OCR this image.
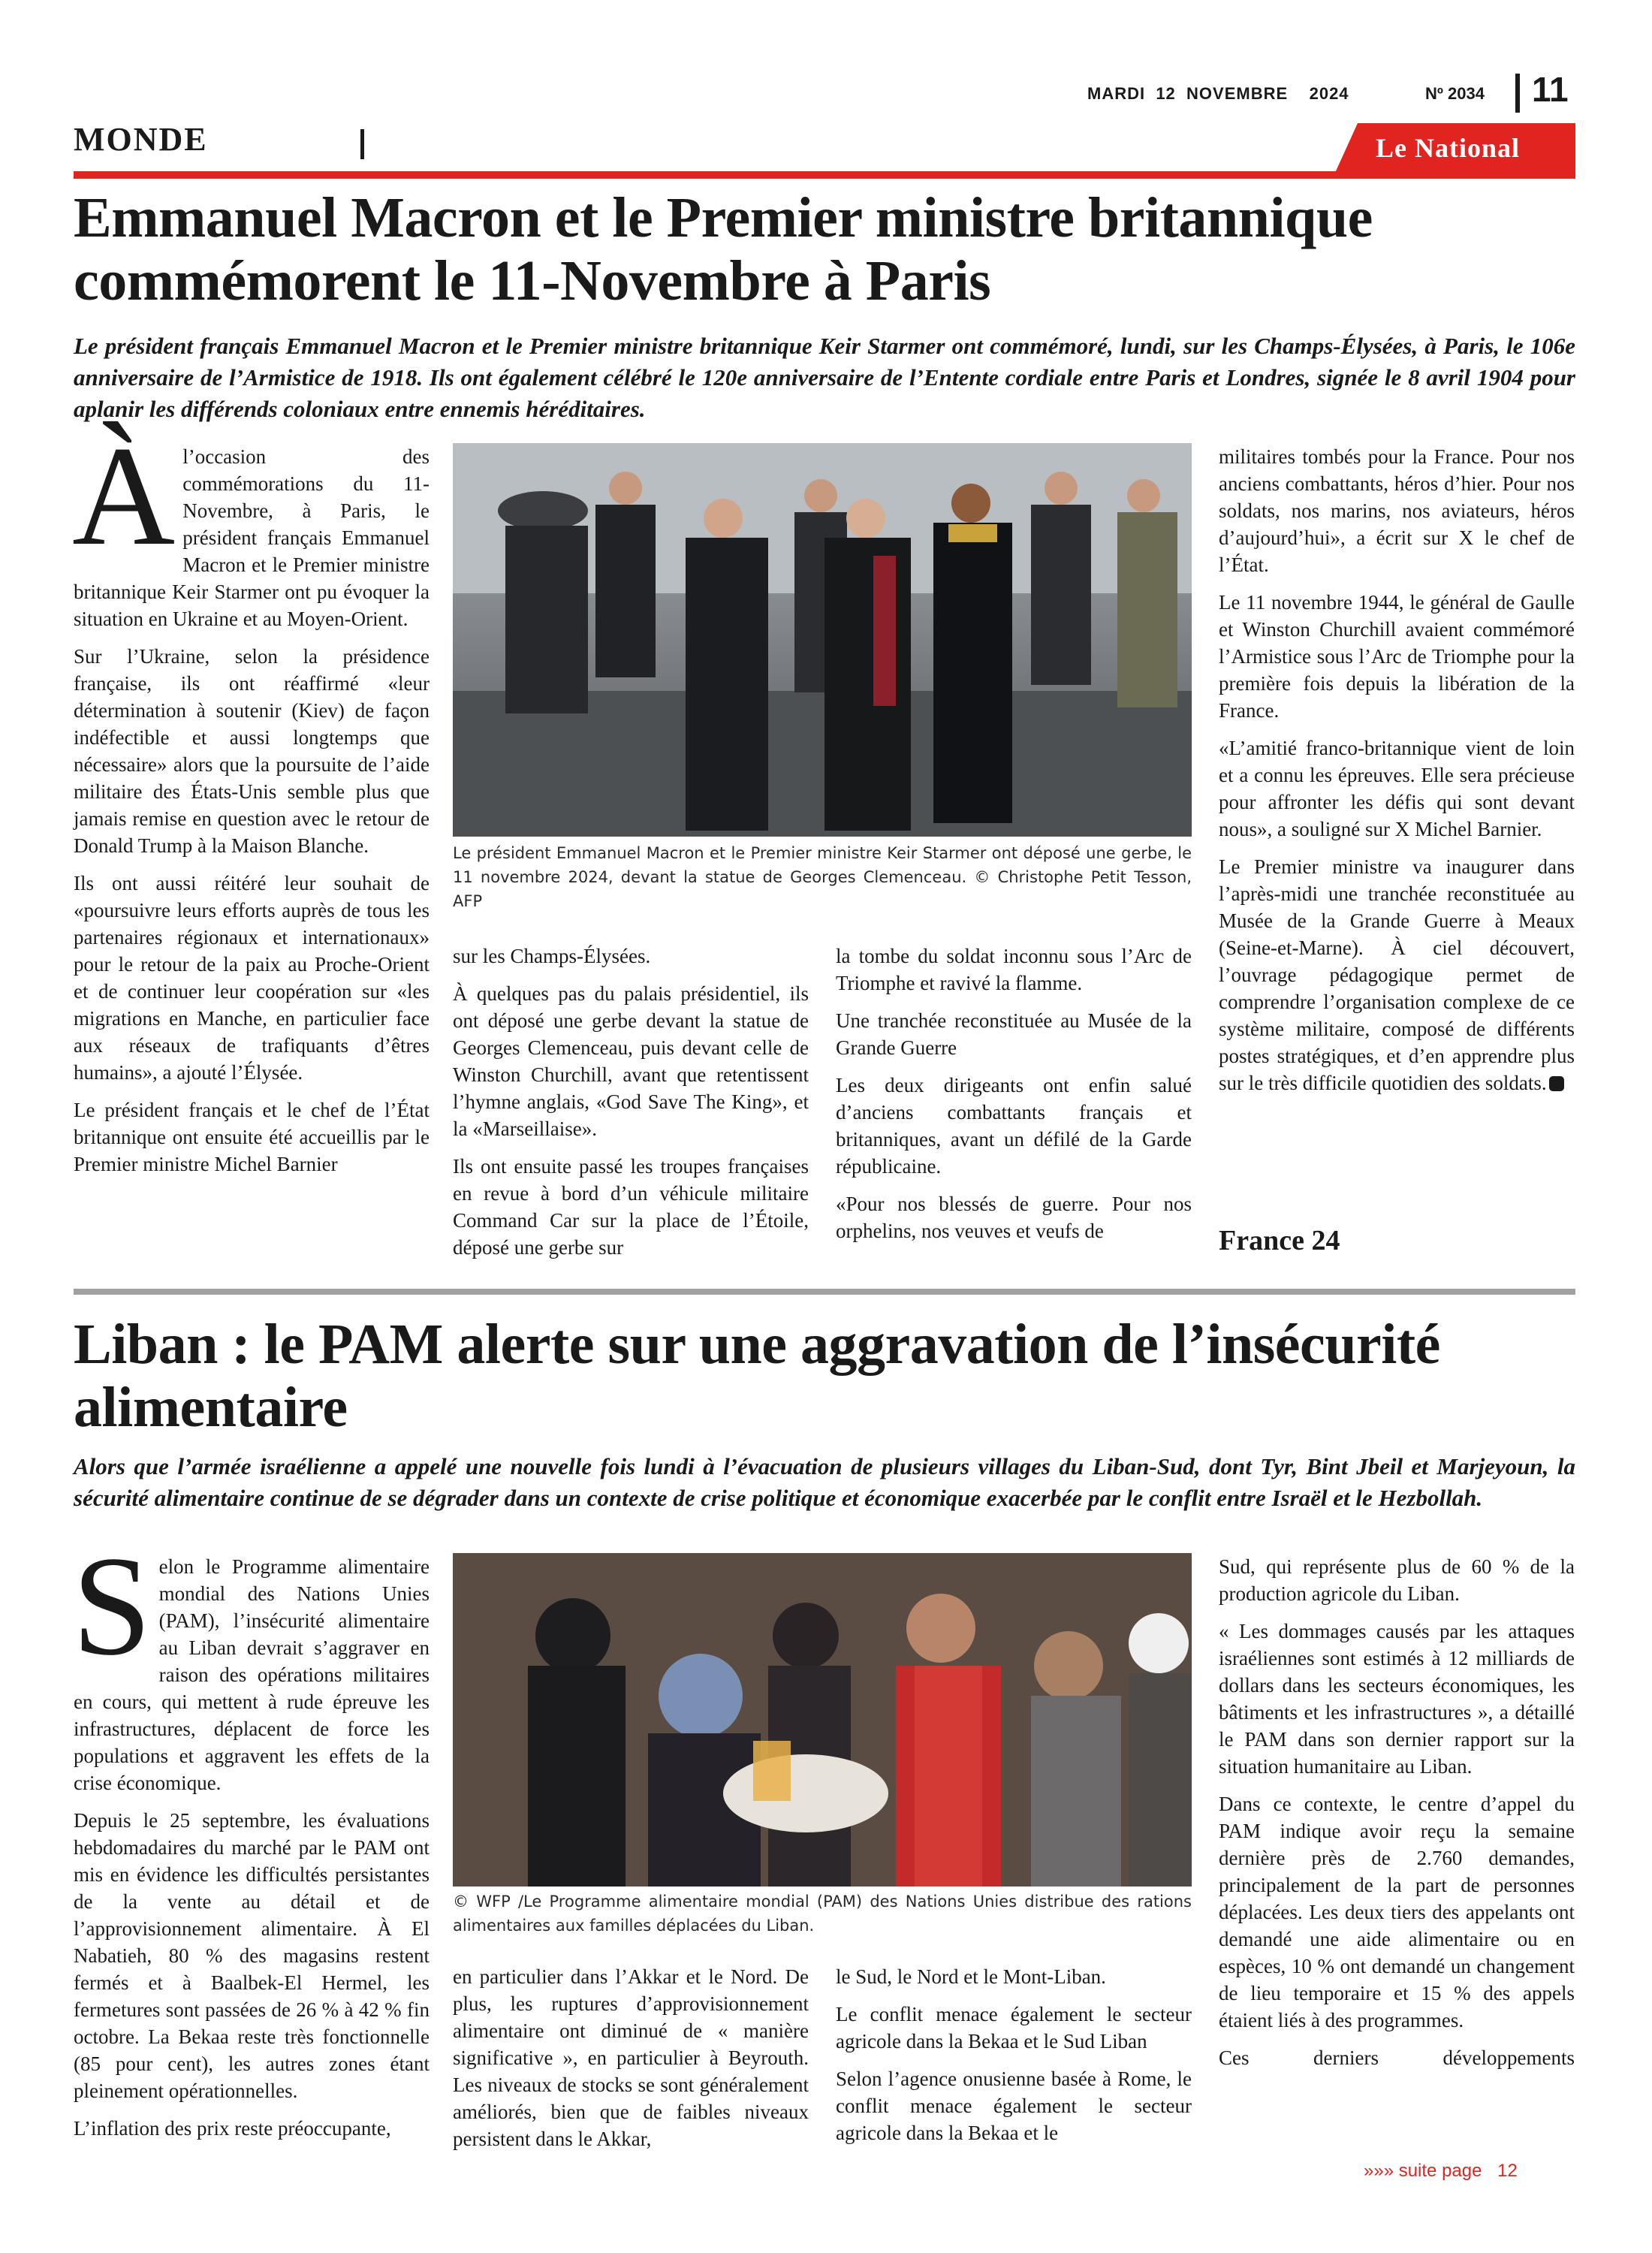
MARDI  12  NOVEMBRE    2024	Nº 2034 11
MONDE	Le National
Emmanuel Macron et le Premier ministre britannique commémorent le 11-Novembre à Paris
Le président français Emmanuel Macron et le Premier ministre britannique Keir Starmer ont commémoré, lundi, sur les Champs-Élysées, à Paris, le 106e anniversaire de l’Armistice de 1918. Ils ont également célébré le 120e anniversaire de l’Entente cordiale entre Paris et Londres, signée le 8 avril 1904 pour aplanir les différends coloniaux entre ennemis héréditaires.

Àl’occasion des commémorations du 11-Novembre, à Paris, le président français Emmanuel Macron et le Premier ministre britannique Keir Starmer ont pu évoquer la situation en Ukraine et au Moyen-Orient.

Sur l’Ukraine, selon la présidence française, ils ont réaffirmé «leur détermination à soutenir (Kiev) de façon indéfectible et aussi longtemps que nécessaire» alors que la poursuite de l’aide militaire des États-Unis semble plus que jamais remise en question avec le retour de Donald Trump à la Maison Blanche.

Ils ont aussi réitéré leur souhait de «poursuivre leurs efforts auprès de tous les partenaires régionaux et internationaux» pour le retour de la paix au Proche-Orient et de continuer leur coopération sur «les migrations en Manche, en particulier face aux réseaux de trafiquants d’êtres humains», a ajouté l’Élysée.

Le président français et le chef de l’État britannique ont ensuite été accueillis par le Premier ministre Michel Barnier

Le président Emmanuel Macron et le Premier ministre Keir Starmer ont déposé une gerbe, le 11 novembre 2024, devant la statue de Georges Clemenceau. © Christophe Petit Tesson, AFP

sur les Champs-Élysées.

À quelques pas du palais présidentiel, ils ont déposé une gerbe devant la statue de Georges Clemenceau, puis devant celle de Winston Churchill, avant que retentissent l’hymne anglais, «God Save The King», et la «Marseillaise».

Ils ont ensuite passé les troupes françaises en revue à bord d’un véhicule militaire Command Car sur la place de l’Étoile, déposé une gerbe sur

la tombe du soldat inconnu sous l’Arc de Triomphe et ravivé la flamme.

Une tranchée reconstituée au Musée de la Grande Guerre

Les deux dirigeants ont enfin salué d’anciens combattants français et britanniques, avant un défilé de la Garde républicaine.

«Pour nos blessés de guerre. Pour nos orphelins, nos veuves et veufs de

militaires tombés pour la France. Pour nos anciens combattants, héros d’hier. Pour nos soldats, nos marins, nos aviateurs, héros d’aujourd’hui», a écrit sur X le chef de l’État.

Le 11 novembre 1944, le général de Gaulle et Winston Churchill avaient commémoré l’Armistice sous l’Arc de Triomphe pour la première fois depuis la libération de la France.

«L’amitié franco-britannique vient de loin et a connu les épreuves. Elle sera précieuse pour affronter les défis qui sont devant nous», a souligné sur X Michel Barnier.

Le Premier ministre va inaugurer dans l’après-midi une tranchée reconstituée au Musée de la Grande Guerre à Meaux (Seine-et-Marne). À ciel découvert, l’ouvrage pédagogique permet de comprendre l’organisation complexe de ce système militaire, composé de différents postes stratégiques, et d’en apprendre plus sur le très difficile quotidien des soldats.

France 24
Liban : le PAM alerte sur une aggravation de l’insécurité alimentaire
Alors que l’armée israélienne a appelé une nouvelle fois lundi à l’évacuation de plusieurs villages du Liban-Sud, dont Tyr, Bint Jbeil et Marjeyoun, la sécurité alimentaire continue de se dégrader dans un contexte de crise politique et économique exacerbée par le conflit entre Israël et le Hezbollah.

Selon le Programme alimentaire mondial des Nations Unies (PAM), l’insécurité alimentaire au Liban devrait s’aggraver en raison des opérations militaires en cours, qui mettent à rude épreuve les infrastructures, déplacent de force les populations et aggravent les effets de la crise économique.

Depuis le 25 septembre, les évaluations hebdomadaires du marché par le PAM ont mis en évidence les difficultés persistantes de la vente au détail et de l’approvisionnement alimentaire. À El Nabatieh, 80 % des magasins restent fermés et à Baalbek-El Hermel, les fermetures sont passées de 26 % à 42 % fin octobre. La Bekaa reste très fonctionnelle (85 pour cent), les autres zones étant pleinement opérationnelles.

L’inflation des prix reste préoccupante,

© WFP /Le Programme alimentaire mondial (PAM) des Nations Unies distribue des rations alimentaires aux familles déplacées du Liban.

en particulier dans l’Akkar et le Nord. De plus, les ruptures d’approvisionnement alimentaire ont diminué de « manière significative », en particulier à Beyrouth. Les niveaux de stocks se sont généralement améliorés, bien que de faibles niveaux persistent dans le Akkar,

le Sud, le Nord et le Mont-Liban.

Le conflit menace également le secteur agricole dans la Bekaa et le Sud Liban

Selon l’agence onusienne basée à Rome, le conflit menace également le secteur agricole dans la Bekaa et le

Sud, qui représente plus de 60 % de la production agricole du Liban.

« Les dommages causés par les attaques israéliennes sont estimés à 12 milliards de dollars dans les secteurs économiques, les bâtiments et les infrastructures », a détaillé le PAM dans son dernier rapport sur la situation humanitaire au Liban.

Dans ce contexte, le centre d’appel du PAM indique avoir reçu la semaine dernière près de 2.760 demandes, principalement de la part de personnes déplacées. Les deux tiers des appelants ont demandé une aide alimentaire ou en espèces, 10 % ont demandé un changement de lieu temporaire et 15 % des appels étaient liés à des programmes.

Ces derniers développements

»»» suite page 12
